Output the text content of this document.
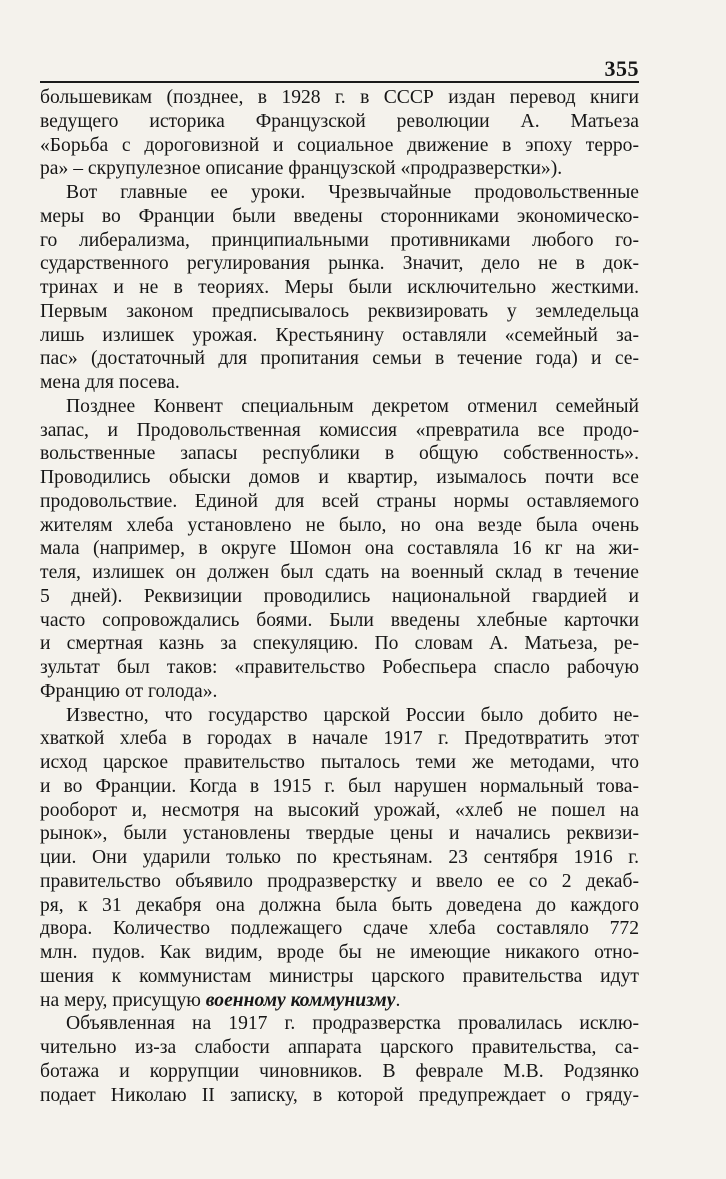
355
большевикам (позднее, в 1928 г. в СССР издан перевод книги
ведущего историка Французской революции А. Матьеза
«Борьба с дороговизной и социальное движение в эпоху терро-
ра» – скрупулезное описание французской «продразверстки»).
Вот главные ее уроки. Чрезвычайные продовольственные
меры во Франции были введены сторонниками экономическо-
го либерализма, принципиальными противниками любого го-
сударственного регулирования рынка. Значит, дело не в док-
тринах и не в теориях. Меры были исключительно жесткими.
Первым законом предписывалось реквизировать у земледельца
лишь излишек урожая. Крестьянину оставляли «семейный за-
пас» (достаточный для пропитания семьи в течение года) и се-
мена для посева.
Позднее Конвент специальным декретом отменил семейный
запас, и Продовольственная комиссия «превратила все продо-
вольственные запасы республики в общую собственность».
Проводились обыски домов и квартир, изымалось почти все
продовольствие. Единой для всей страны нормы оставляемого
жителям хлеба установлено не было, но она везде была очень
мала (например, в округе Шомон она составляла 16 кг на жи-
теля, излишек он должен был сдать на военный склад в течение
5 дней). Реквизиции проводились национальной гвардией и
часто сопровождались боями. Были введены хлебные карточки
и смертная казнь за спекуляцию. По словам А. Матьеза, ре-
зультат был таков: «правительство Робеспьера спасло рабочую
Францию от голода».
Известно, что государство царской России было добито не-
хваткой хлеба в городах в начале 1917 г. Предотвратить этот
исход царское правительство пыталось теми же методами, что
и во Франции. Когда в 1915 г. был нарушен нормальный това-
рооборот и, несмотря на высокий урожай, «хлеб не пошел на
рынок», были установлены твердые цены и начались реквизи-
ции. Они ударили только по крестьянам. 23 сентября 1916 г.
правительство объявило продразверстку и ввело ее со 2 декаб-
ря, к 31 декабря она должна была быть доведена до каждого
двора. Количество подлежащего сдаче хлеба составляло 772
млн. пудов. Как видим, вроде бы не имеющие никакого отно-
шения к коммунистам министры царского правительства идут
на меру, присущую военному коммунизму.
Объявленная на 1917 г. продразверстка провалилась исклю-
чительно из-за слабости аппарата царского правительства, са-
ботажа и коррупции чиновников. В феврале М.В. Родзянко
подает Николаю II записку, в которой предупреждает о гряду-
